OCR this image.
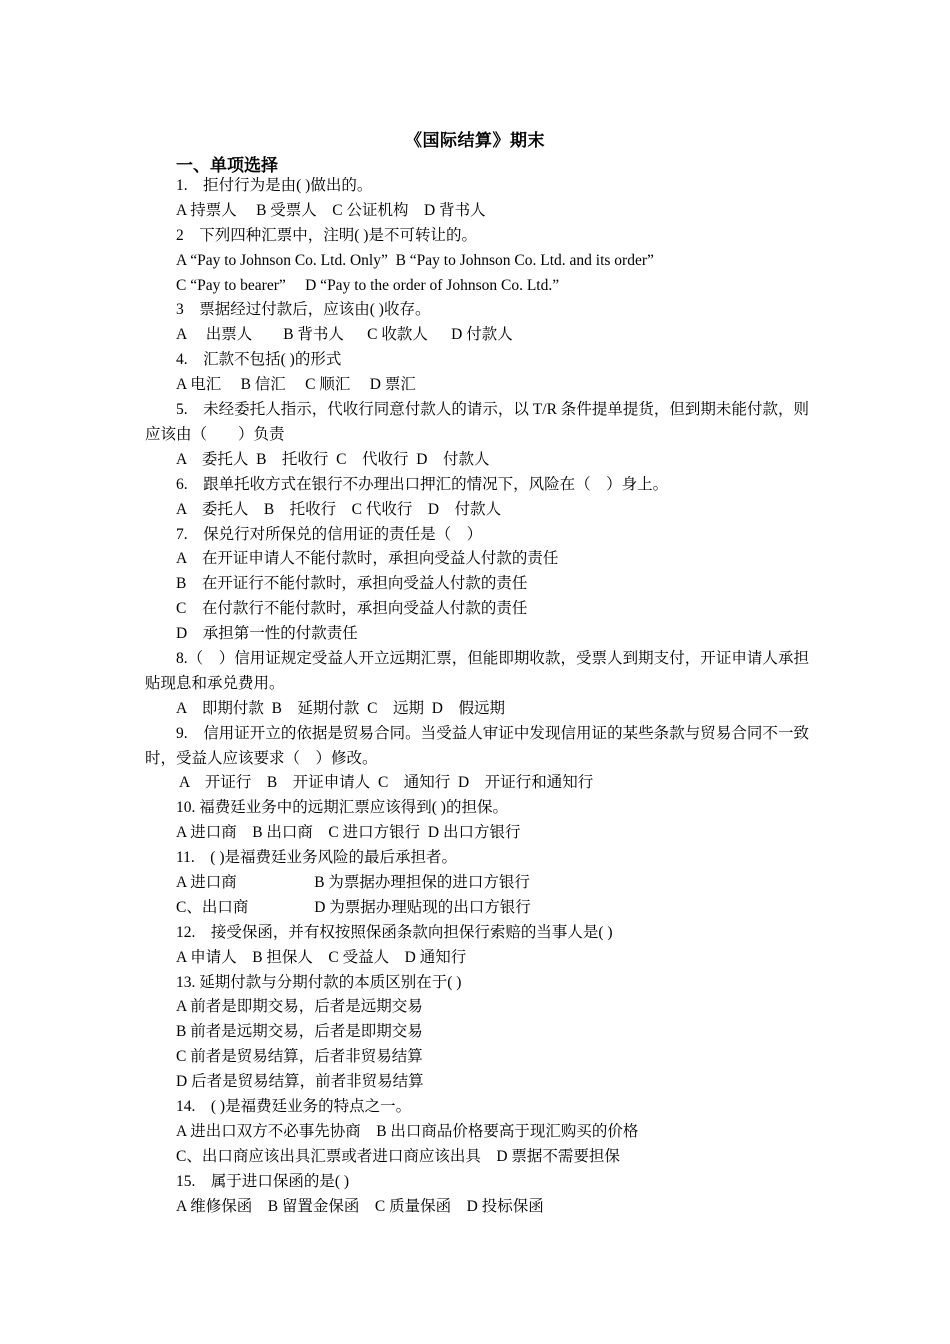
《国际结算》期末
一、单项选择
1.　拒付行为是由( )做出的。
A 持票人　 B 受票人　C 公证机构　D 背书人
2　下列四种汇票中，注明( )是不可转让的。
A “Pay to Johnson Co. Ltd. Only”  B “Pay to Johnson Co. Ltd. and its order”
C “Pay to bearer”　 D “Pay to the order of Johnson Co. Ltd.”
3　票据经过付款后，应该由( )收存。
A　 出票人　　B 背书人　  C 收款人　  D 付款人
4.　汇款不包括( )的形式
A 电汇　 B 信汇　 C 顺汇　 D 票汇
5.　未经委托人指示，代收行同意付款人的请示，以 T/R 条件提单提货，但到期未能付款，则应该由（　　）负责
A　委托人  B　托收行  C　代收行  D　付款人
6.　跟单托收方式在银行不办理出口押汇的情况下，风险在（　）身上。
A　委托人　B　托收行　C 代收行　D　付款人
7.　保兑行对所保兑的信用证的责任是（　）
A　在开证申请人不能付款时，承担向受益人付款的责任
B　在开证行不能付款时，承担向受益人付款的责任
C　在付款行不能付款时，承担向受益人付款的责任
D　承担第一性的付款责任
8.（　）信用证规定受益人开立远期汇票，但能即期收款，受票人到期支付，开证申请人承担贴现息和承兑费用。
A　即期付款  B　延期付款  C　远期  D　假远期
9.　信用证开立的依据是贸易合同。当受益人审证中发现信用证的某些条款与贸易合同不一致时，受益人应该要求（　）修改。
A　开证行　B　开证申请人  C　通知行  D　开证行和通知行
10. 福费廷业务中的远期汇票应该得到( )的担保。
A 进口商　B 出口商　C 进口方银行  D 出口方银行
11.　( )是福费廷业务风险的最后承担者。
A 进口商　　　　　B 为票据办理担保的进口方银行
C、出口商　　　　 D 为票据办理贴现的出口方银行
12.　接受保函，并有权按照保函条款向担保行索赔的当事人是( )
A 申请人　B 担保人　C 受益人　D 通知行
13. 延期付款与分期付款的本质区别在于( )
A 前者是即期交易，后者是远期交易
B 前者是远期交易，后者是即期交易
C 前者是贸易结算，后者非贸易结算
D 后者是贸易结算，前者非贸易结算
14.　( )是福费廷业务的特点之一。
A 进出口双方不必事先协商　B 出口商品价格要高于现汇购买的价格
C、出口商应该出具汇票或者进口商应该出具　D 票据不需要担保
15.　属于进口保函的是( )
A 维修保函　B 留置金保函　C 质量保函　D 投标保函
